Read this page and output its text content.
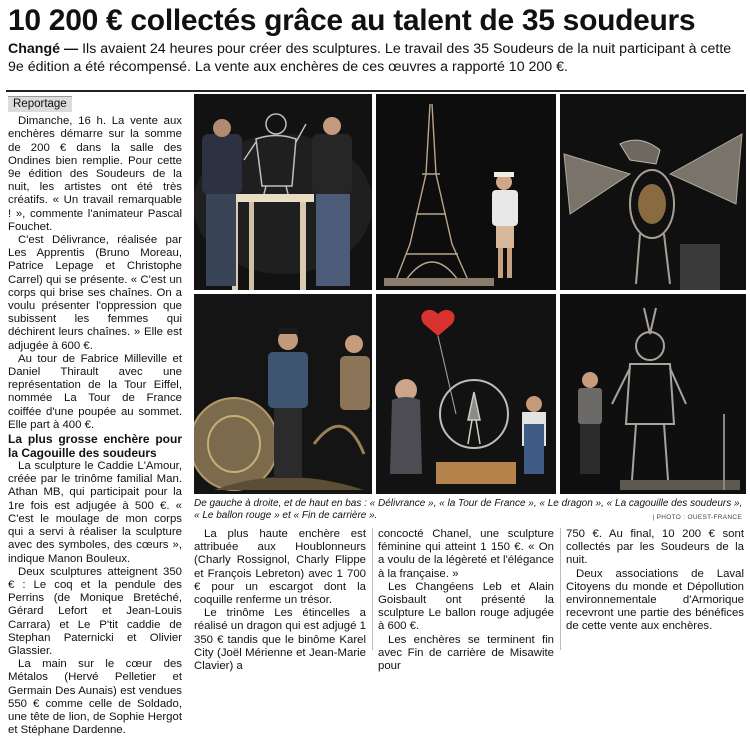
10 200 € collectés grâce au talent de 35 soudeurs
Changé — Ils avaient 24 heures pour créer des sculptures. Le travail des 35 Soudeurs de la nuit participant à cette 9e édition a été récompensé. La vente aux enchères de ces œuvres a rapporté 10 200 €.
Reportage

Dimanche, 16 h. La vente aux enchères démarre sur la somme de 200 € dans la salle des Ondines bien remplie. Pour cette 9e édition des Soudeurs de la nuit, les artistes ont été très créatifs. « Un travail remarquable ! », commente l'animateur Pascal Fouchet.

C'est Délivrance, réalisée par Les Apprentis (Bruno Moreau, Patrice Lepage et Christophe Carrel) qui se présente. « C'est un corps qui brise ses chaînes. On a voulu présenter l'oppression que subissent les femmes qui déchirent leurs chaînes. » Elle est adjugée à 600 €.

Au tour de Fabrice Milleville et Daniel Thirault avec une représentation de la Tour Eiffel, nommée La Tour de France coiffée d'une poupée au sommet. Elle part à 400 €.

La plus grosse enchère pour la Cagouille des soudeurs

La sculpture le Caddie L'Amour, créée par le trinôme familial Man. Athan MB, qui participait pour la 1re fois est adjugée à 500 €. « C'est le moulage de mon corps qui a servi à réaliser la sculpture avec des symboles, des cœurs », indique Manon Bouleux.

Deux sculptures atteignent 350 € : Le coq et la pendule des Perrins (de Monique Bretéché, Gérard Lefort et Jean-Louis Carrara) et Le P'tit caddie de Stephan Paternicki et Olivier Glassier.

La main sur le cœur des Métalos (Hervé Pelletier et Germain Des Aunais) est vendues 550 € comme celle de Soldado, une tête de lion, de Sophie Hergot et Stéphane Dardenne.

De gauche à droite, et de haut en bas : « Délivrance », « la Tour de France », « Le dragon », « La cagouille des soudeurs », « Le ballon rouge » et « Fin de carrière ».	| PHOTO : OUEST-FRANCE

La plus haute enchère est attribuée aux Houblonneurs (Charly Rossignol, Charly Flippe et François Lebreton) avec 1 700 € pour un escargot dont la coquille renferme un trésor.

Le trinôme Les étincelles a réalisé un dragon qui est adjugé 1 350 € tandis que le binôme Karel City (Joël Mérienne et Jean-Marie Clavier) a

concocté Chanel, une sculpture féminine qui atteint 1 150 €. « On a voulu de la légèreté et l'élégance à la française. »

Les Changéens Leb et Alain Goisbault ont présenté la sculpture Le ballon rouge adjugée à 600 €.

Les enchères se terminent fin avec Fin de carrière de Misawite pour

750 €. Au final, 10 200 € sont collectés par les Soudeurs de la nuit.

Deux associations de Laval Citoyens du monde et Dépollution environnementale d'Armorique recevront une partie des bénéfices de cette vente aux enchères.
